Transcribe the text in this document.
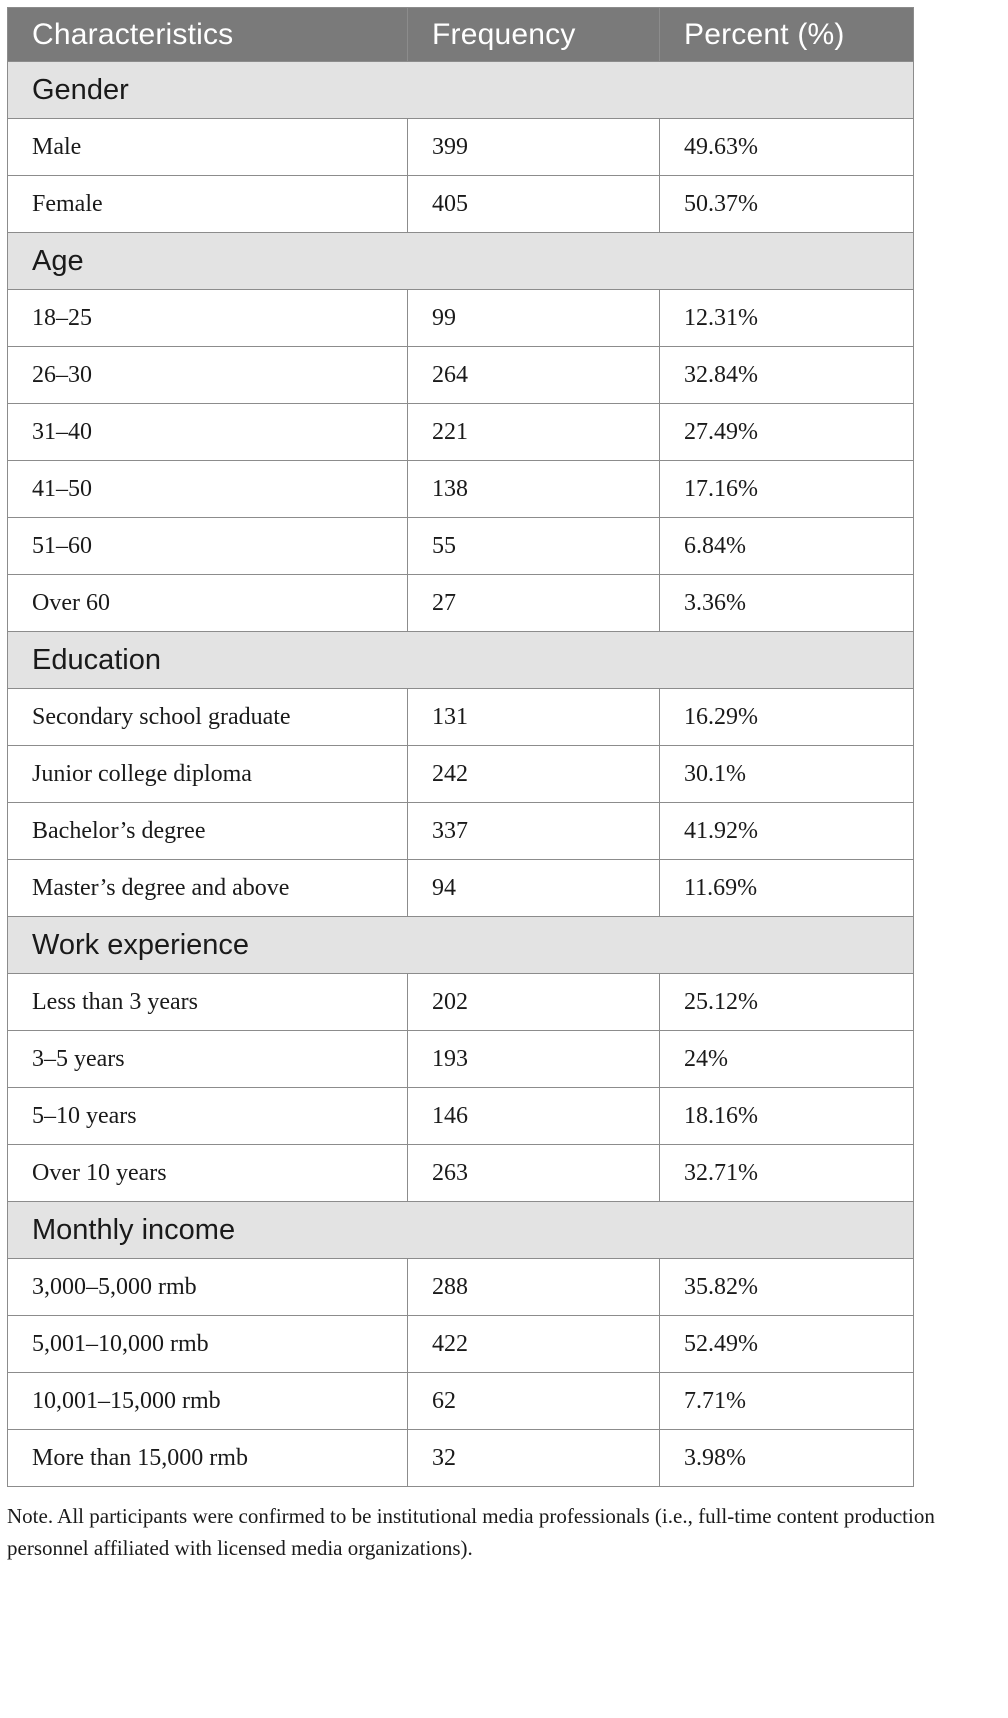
Characteristics	Frequency	Percent (%)
Gender		
Male	399	49.63%
Female	405	50.37%
Age		
18–25	99	12.31%
26–30	264	32.84%
31–40	221	27.49%
41–50	138	17.16%
51–60	55	6.84%
Over 60	27	3.36%
Education		
Secondary school graduate	131	16.29%
Junior college diploma	242	30.1%
Bachelor’s degree	337	41.92%
Master’s degree and above	94	11.69%
Work experience		
Less than 3 years	202	25.12%
3–5 years	193	24%
5–10 years	146	18.16%
Over 10 years	263	32.71%
Monthly income		
3,000–5,000 rmb	288	35.82%
5,001–10,000 rmb	422	52.49%
10,001–15,000 rmb	62	7.71%
More than 15,000 rmb	32	3.98%
Note. All participants were confirmed to be institutional media professionals (i.e., full-time content production personnel affiliated with licensed media organizations).
